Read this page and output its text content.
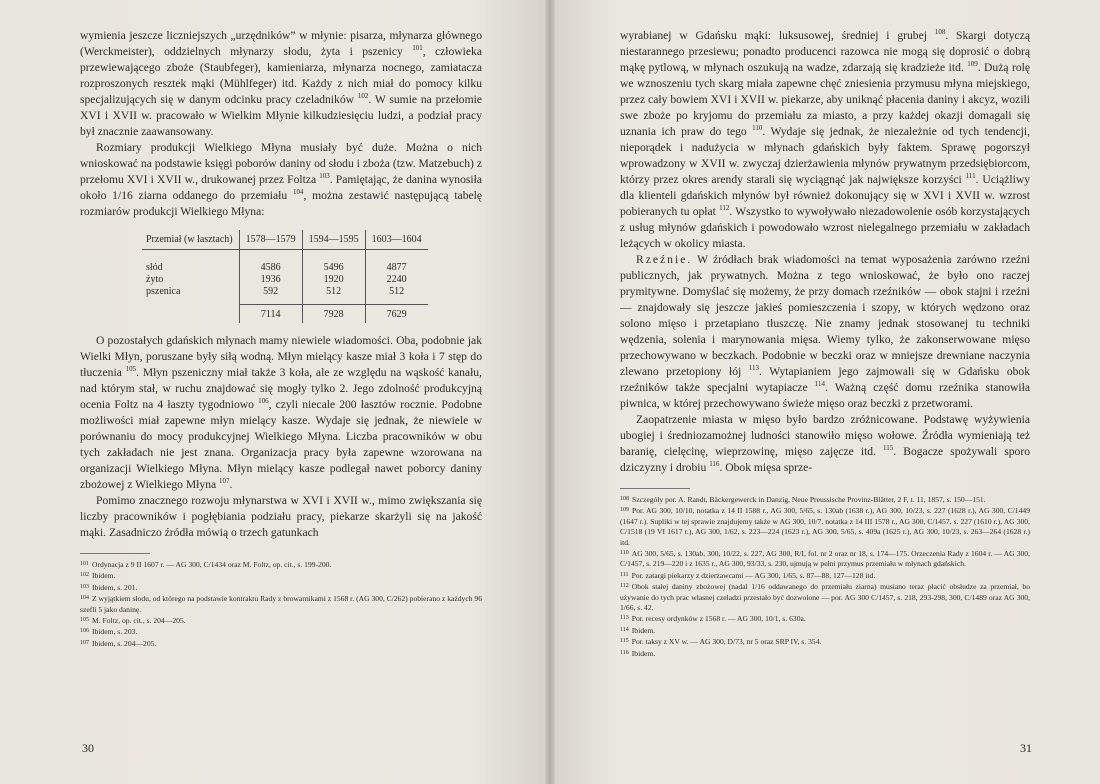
wymienia jeszcze liczniejszych „urzędników” w młynie: pisarza, młynarza głównego (Werckmeister), oddzielnych młynarzy słodu, żyta i pszenicy $^{101}$, człowieka przewiewającego zboże (Staubfeger), kamieniarza, młynarza nocnego, zamiatacza rozproszonych resztek mąki (Mühlfeger) itd. Każdy z nich miał do pomocy kilku specjalizujących się w danym odcinku pracy czeladników $^{102}$. W sumie na przełomie XVI i XVII w. pracowało w Wielkim Młynie kilkudziesięciu ludzi, a podział pracy był znacznie zaawansowany.

Rozmiary produkcji Wielkiego Młyna musiały być duże. Można o nich wnioskować na podstawie księgi poborów daniny od słodu i zboża (tzw. Matzebuch) z przełomu XVI i XVII w., drukowanej przez Foltza $^{103}$. Pamiętając, że danina wynosiła około 1/16 ziarna oddanego do przemiału $^{104}$, można zestawić następującą tabelę rozmiarów produkcji Wielkiego Młyna:

Przemiał (w łasztach)	1578—1579	1594—1595	1603—1604
słód	4586	5496	4877
żyto	1936	1920	2240
pszenica	592	512	512
	7114	7928	7629

O pozostałych gdańskich młynach mamy niewiele wiadomości. Oba, podobnie jak Wielki Młyn, poruszane były siłą wodną. Młyn mielący kasze miał 3 koła i 7 stęp do tłuczenia $^{105}$. Młyn pszeniczny miał także 3 koła, ale ze względu na wąskość kanału, nad którym stał, w ruchu znajdować się mogły tylko 2. Jego zdolność produkcyjną ocenia Foltz na 4 łaszty tygodniowo $^{106}$, czyli niecale 200 łasztów rocznie. Podobne możliwości miał zapewne młyn mielący kasze. Wydaje się jednak, że niewiele w porównaniu do mocy produkcyjnej Wielkiego Młyna. Liczba pracowników w obu tych zakładach nie jest znana. Organizacja pracy była zapewne wzorowana na organizacji Wielkiego Młyna. Młyn mielący kasze podlegał nawet poborcy daniny zbożowej z Wielkiego Młyna $^{107}$.

Pomimo znacznego rozwoju młynarstwa w XVI i XVII w., mimo zwiększania się liczby pracowników i pogłębiania podziału pracy, piekarze skarżyli się na jakość mąki. Zasadniczo źródła mówią o trzech gatunkach

$^{101}$ Ordynacja z 9 II 1607 r. — AG 300, C/1434 oraz M. Foltz, op. cit., s. 199-200.

$^{102}$ Ibidem.

$^{103}$ Ibidem, s. 201.

$^{104}$ Z wyjątkiem słodu, od którego na podstawie kontraktu Rady z browarnikami z 1568 r. (AG 300, C/262) pobierano z każdych 96 szefli 5 jako daninę.

$^{105}$ M. Foltz, op. cit., s. 204—205.

$^{106}$ Ibidem, s. 203.

$^{107}$ Ibidem, s. 204—205.

30

wyrabianej w Gdańsku mąki: luksusowej, średniej i grubej $^{108}$. Skargi dotyczą niestarannego przesiewu; ponadto producenci razowca nie mogą się doprosić o dobrą mąkę pytlową, w młynach oszukują na wadze, zdarzają się kradzieże itd. $^{109}$. Dużą rolę we wznoszeniu tych skarg miała zapewne chęć zniesienia przymusu młyna miejskiego, przez cały bowiem XVI i XVII w. piekarze, aby uniknąć płacenia daniny i akcyz, wozili swe zboże po kryjomu do przemiału za miasto, a przy każdej okazji domagali się uznania ich praw do tego $^{110}$. Wydaje się jednak, że niezależnie od tych tendencji, nieporądek i nadużycia w młynach gdańskich były faktem. Sprawę pogorszył wprowadzony w XVII w. zwyczaj dzierżawienia młynów prywatnym przedsiębiorcom, którzy przez okres arendy starali się wyciągnąć jak największe korzyści $^{111}$. Uciążliwy dla klienteli gdańskich młynów był również dokonujący się w XVI i XVII w. wzrost pobieranych tu opłat $^{112}$. Wszystko to wywoływało niezadowolenie osób korzystających z usług młynów gdańskich i powodowało wzrost nielegalnego przemiału w zakładach leżących w okolicy miasta.

Rzeźnie. W źródłach brak wiadomości na temat wyposażenia zarówno rzeźni publicznych, jak prywatnych. Można z tego wnioskować, że było ono raczej prymitywne. Domyślać się możemy, że przy domach rzeźników — obok stajni i rzeźni — znajdowały się jeszcze jakieś pomieszczenia i szopy, w których wędzono oraz solono mięso i przetapiano tłuszczę. Nie znamy jednak stosowanej tu techniki wędzenia, solenia i marynowania mięsa. Wiemy tylko, że zakonserwowane mięso przechowywano w beczkach. Podobnie w beczki oraz w mniejsze drewniane naczynia zlewano przetopiony łój $^{113}$. Wytapianiem jego zajmowali się w Gdańsku obok rzeźników także specjalni wytapiacze $^{114}$. Ważną część domu rzeźnika stanowiła piwnica, w której przechowywano świeże mięso oraz beczki z przetworami.

Zaopatrzenie miasta w mięso było bardzo zróżnicowane. Podstawę wyżywienia ubogiej i średniozamożnej ludności stanowiło mięso wołowe. Źródła wymieniają też baranię, cielęcinę, wieprzowinę, mięso zajęcze itd. $^{115}$. Bogacze spożywali sporo dziczyzny i drobiu $^{116}$. Obok mięsa sprze-

$^{108}$ Szczegóły por. A. Randt, Bäckergewerck in Danzig, Neue Preussische Provinz-Blätter, 2 F, t. 11, 1857, s. 150—151.

$^{109}$ Por. AG 300, 10/10, notatka z 14 II 1588 r., AG 300, 5/65, s. 130ab (1638 r.), AG 300, 10/23, s. 227 (1628 r.), AG 300, C/1449 (1647 r.). Supliki w tej sprawie znajdujemy także w AG 300, 10/7, notatka z 14 III 1578 r., AG 300, C/1457, s. 227 (1610 r.), AG 300, C/1518 (19 VI 1617 r.), AG 300, 1/62, s. 223—224 (1623 r.), AG 300, 5/65, s. 409a (1625 r.), AG 300, 10/23, s. 263—264 (1628 r.) itd.

$^{110}$ AG 300, 5/65, s. 130ab, 300, 10/22, s. 227, AG 300, R/I, fol. nr 2 oraz nr 18, s. 174—175. Orzeczenia Rady z 1604 r. — AG 300, C/1457, s. 219—220 i z 1635 r., AG 300, 93/33, s. 230, ujmują w pełni przymus przemiału w młynach gdańskich.

$^{111}$ Por. zatargi piekarzy z dzierżawcami — AG 300, 1/65, s. 87—88, 127—128 itd.

$^{112}$ Obok stałej daniny zbożowej (nadal 1/16 oddawanego do przemiału ziarna) musiano teraz płacić obsłudze za przemiał, bo używanie do tych prac własnej czeladzi przestało być dozwolone — por. AG 300 C/1457, s. 218, 293-298, 300, C/1489 oraz AG 300, 1/66, s. 42.

$^{113}$ Por. recesy ordynków z 1568 r. — AG 300, 10/1, s. 630a.

$^{114}$ Ibidem.

$^{115}$ Por. taksy z XV w. — AG 300, D/73, nr 5 oraz SRP IV, s. 354.

$^{116}$ Ibidem.

31
